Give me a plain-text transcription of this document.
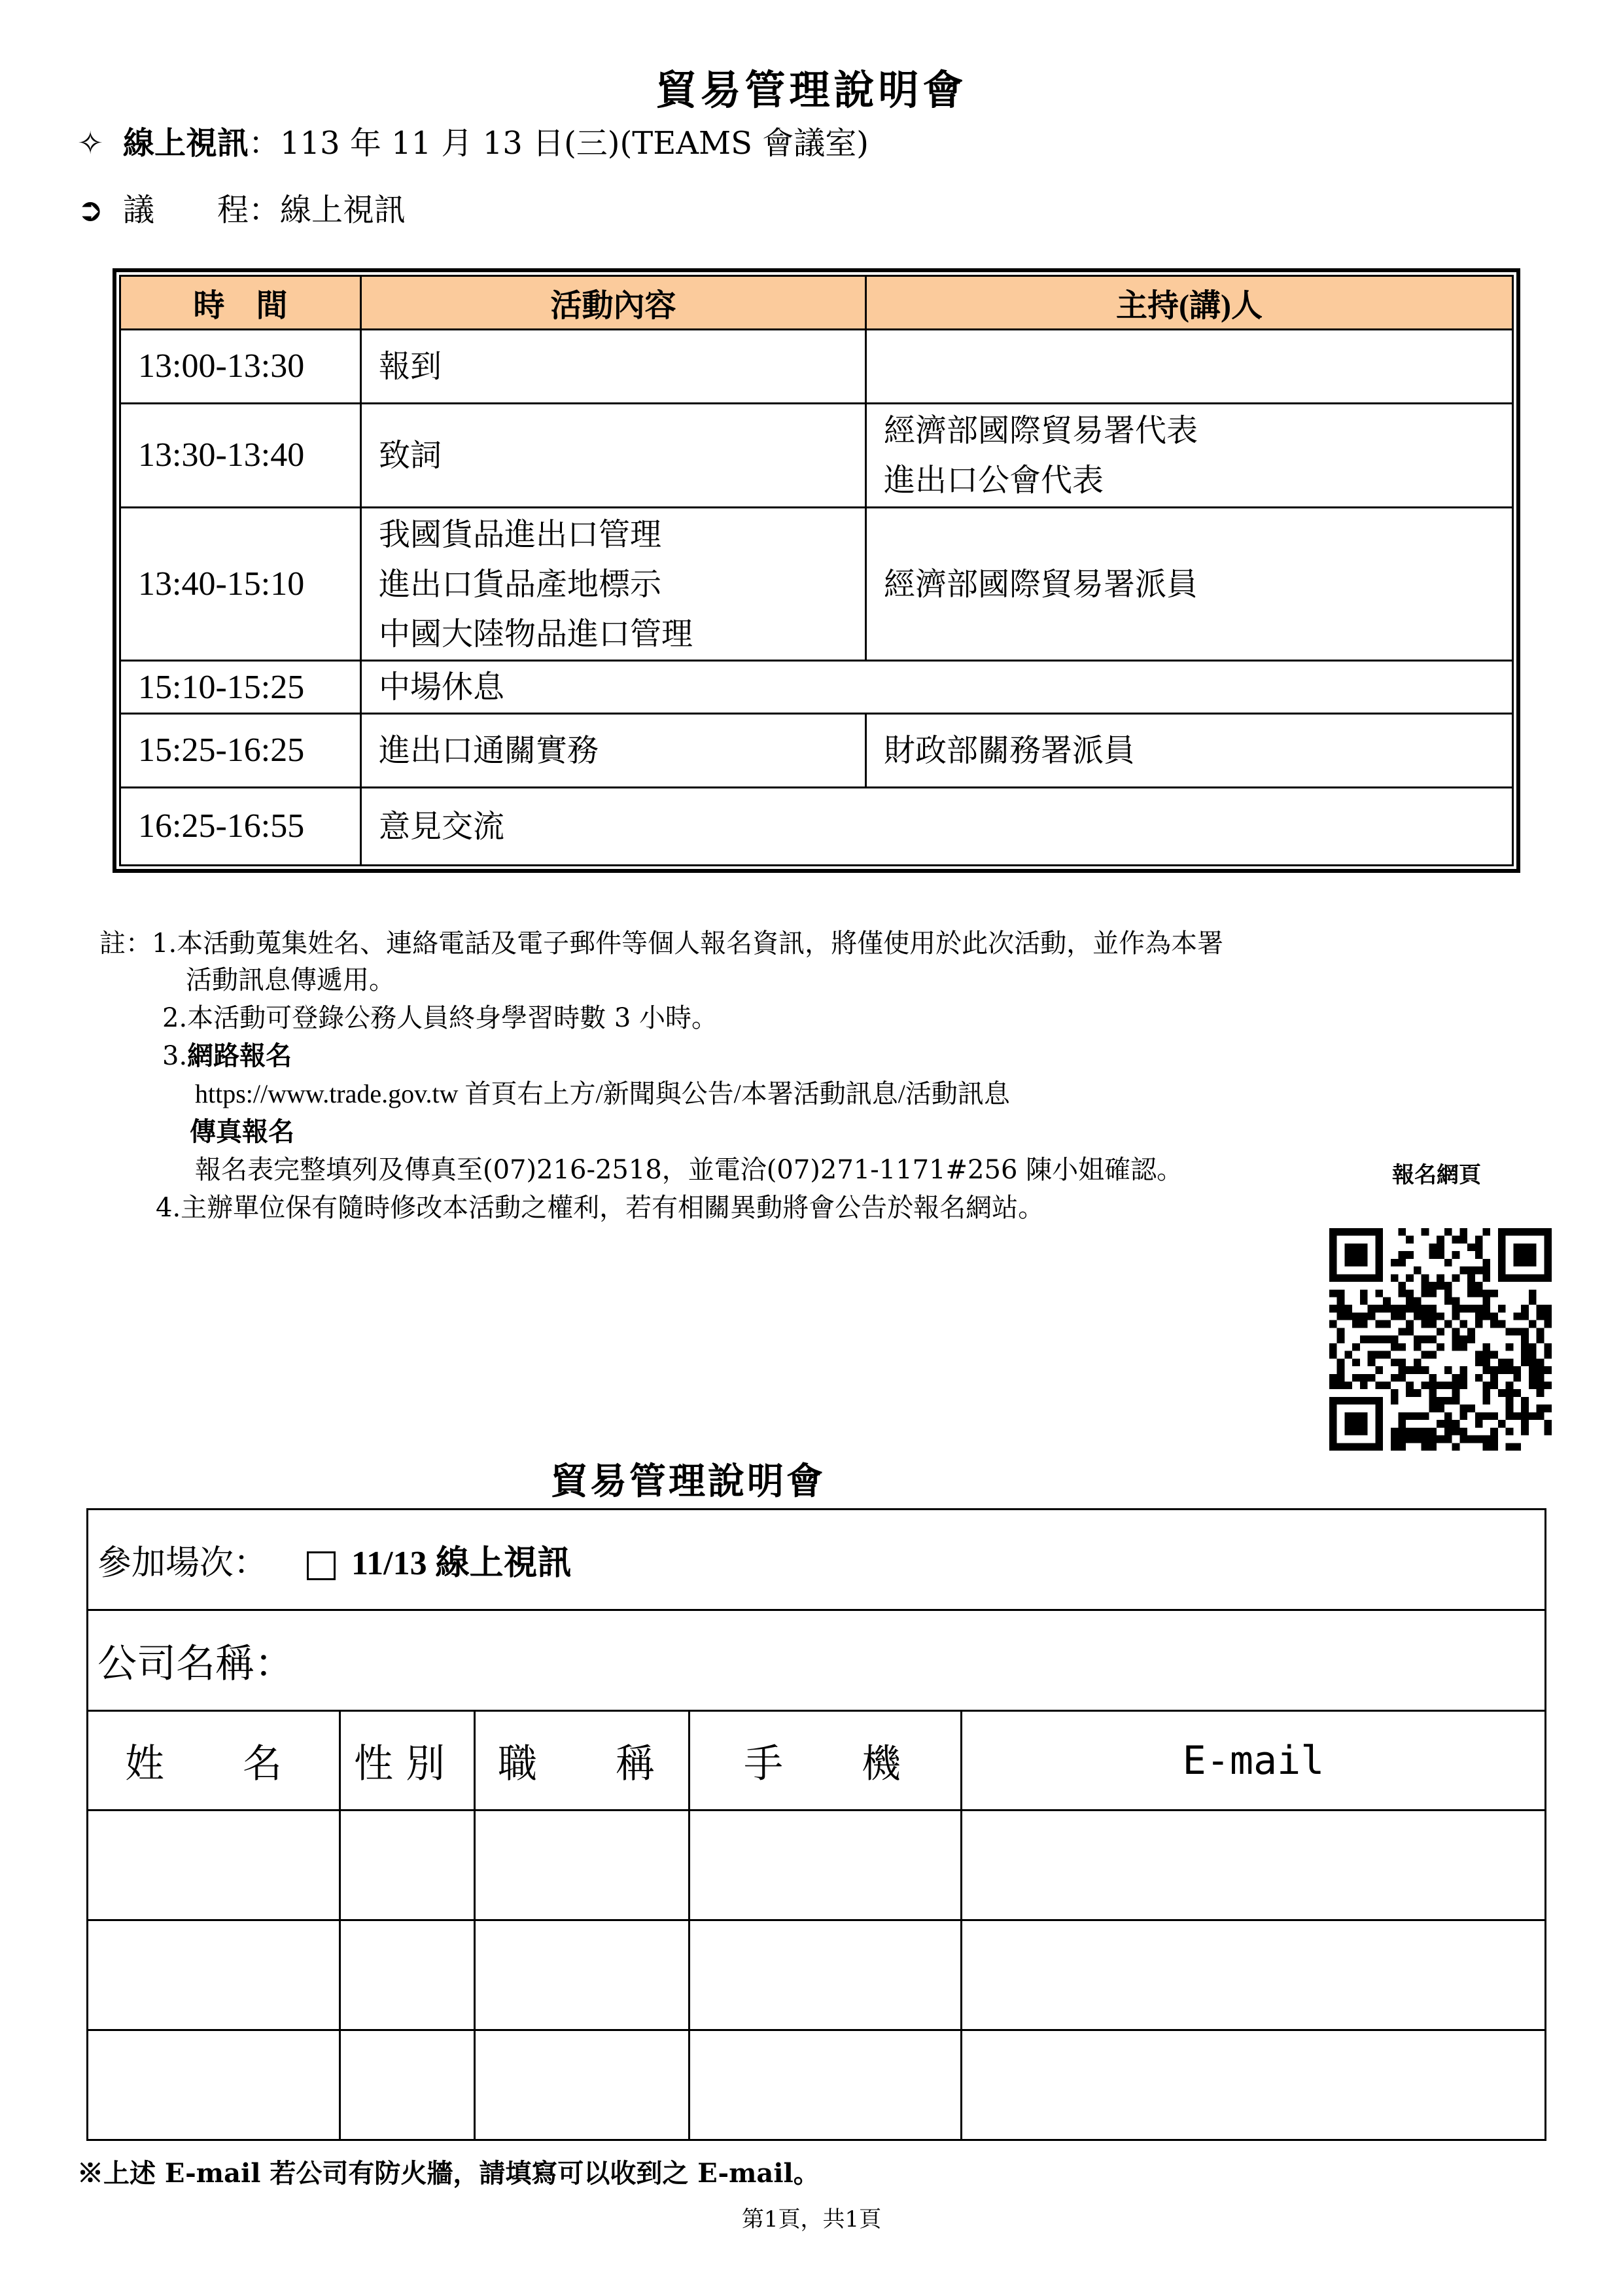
貿易管理說明會
✧ 線上視訊：113 年 11 月 13 日(三)(TEAMS 會議室)
➲ 議　　程：線上視訊
時　間	活動內容	主持(講)人
13:00-13:30	報到	

13:30-13:40	致詞	經濟部國際貿易署代表
進出口公會代表

13:40-15:10	我國貨品進出口管理
進出口貨品產地標示
中國大陸物品進口管理	經濟部國際貿易署派員

15:10-15:25	中場休息	

15:25-16:25	進出口通關實務	財政部關務署派員

16:25-16:55	意見交流	
註：1.本活動蒐集姓名、連絡電話及電子郵件等個人報名資訊，將僅使用於此次活動，並作為本署
活動訊息傳遞用。
2.本活動可登錄公務人員終身學習時數 3 小時。
3.網路報名
https://www.trade.gov.tw 首頁右上方/新聞與公告/本署活動訊息/活動訊息
傳真報名
報名表完整填列及傳真至(07)216-2518，並電洽(07)271-1171#256 陳小姐確認。	報名網頁
4.主辦單位保有隨時修改本活動之權利，若有相關異動將會公告於報名網站。
貿易管理說明會
參加場次： 11/13 線上視訊				
公司名稱：				
姓　　名	性 別	職　　稱	手　　機	E-mail

※上述 E-mail 若公司有防火牆，請填寫可以收到之 E-mail。
第1頁，共1頁
